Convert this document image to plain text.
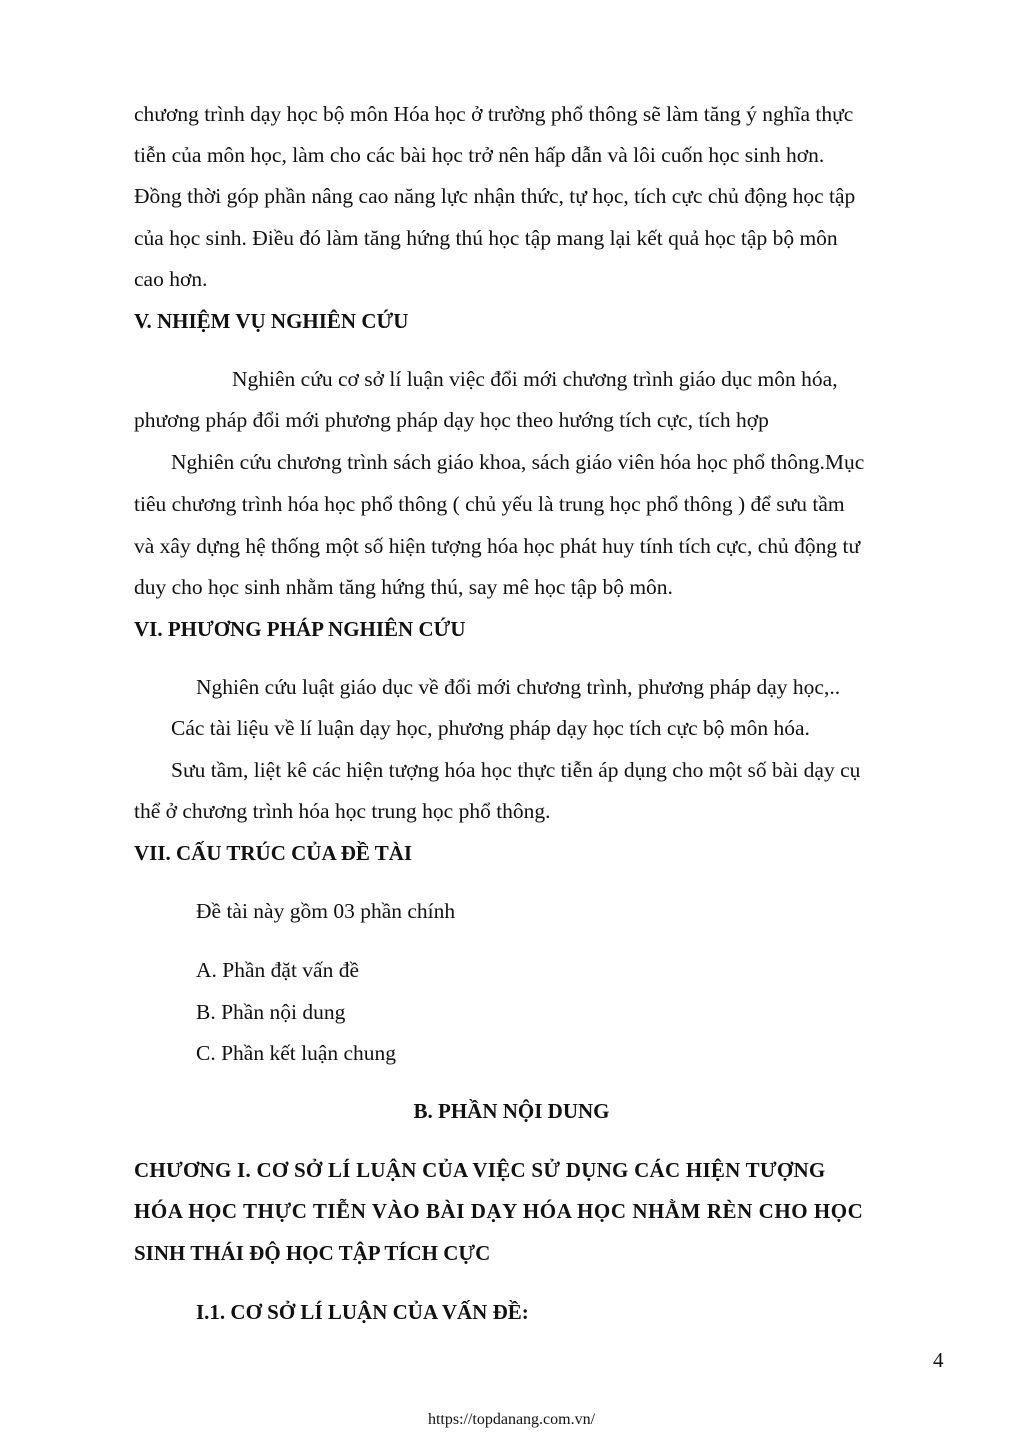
chương trình dạy học bộ môn Hóa học ở trường phổ thông sẽ làm tăng ý nghĩa thực
tiễn của môn học, làm cho các bài học trở nên hấp dẫn và lôi cuốn học sinh hơn.
Đồng thời góp phần nâng cao năng lực nhận thức, tự học, tích cực chủ động học tập
của học sinh. Điều đó làm tăng hứng thú học tập mang lại kết quả học tập bộ môn
cao hơn.
V. NHIỆM VỤ NGHIÊN CỨU
Nghiên cứu cơ sở lí luận việc đổi mới chương trình giáo dục môn hóa,
phương pháp đổi mới phương pháp dạy học theo hướng tích cực, tích hợp
Nghiên cứu chương trình sách giáo khoa, sách giáo viên hóa học phổ thông.Mục
tiêu chương trình hóa học phổ thông ( chủ yếu là trung học phổ thông ) để sưu tầm
và xây dựng hệ thống một số hiện tượng hóa học phát huy tính tích cực, chủ động tư
duy cho học sinh nhằm tăng hứng thú, say mê học tập bộ môn.
VI. PHƯƠNG PHÁP NGHIÊN CỨU
Nghiên cứu luật giáo dục về đổi mới chương trình, phương pháp dạy học,..
Các tài liệu về lí luận dạy học, phương pháp dạy học tích cực bộ môn hóa.
Sưu tầm, liệt kê các hiện tượng hóa học thực tiễn áp dụng cho một số bài dạy cụ
thể ở chương trình hóa học trung học phổ thông.
VII. CẤU TRÚC CỦA ĐỀ TÀI
Đề tài này gồm 03 phần chính
A. Phần đặt vấn đề
B. Phần nội dung
C. Phần kết luận chung
B. PHẦN NỘI DUNG
CHƯƠNG I. CƠ SỞ LÍ LUẬN CỦA VIỆC SỬ DỤNG CÁC HIỆN TƯỢNG
HÓA HỌC THỰC TIỄN VÀO BÀI DẠY HÓA HỌC NHẰM RÈN CHO HỌC
SINH THÁI ĐỘ HỌC TẬP TÍCH CỰC
I.1. CƠ SỞ LÍ LUẬN CỦA VẤN ĐỀ:
4
https://topdanang.com.vn/
